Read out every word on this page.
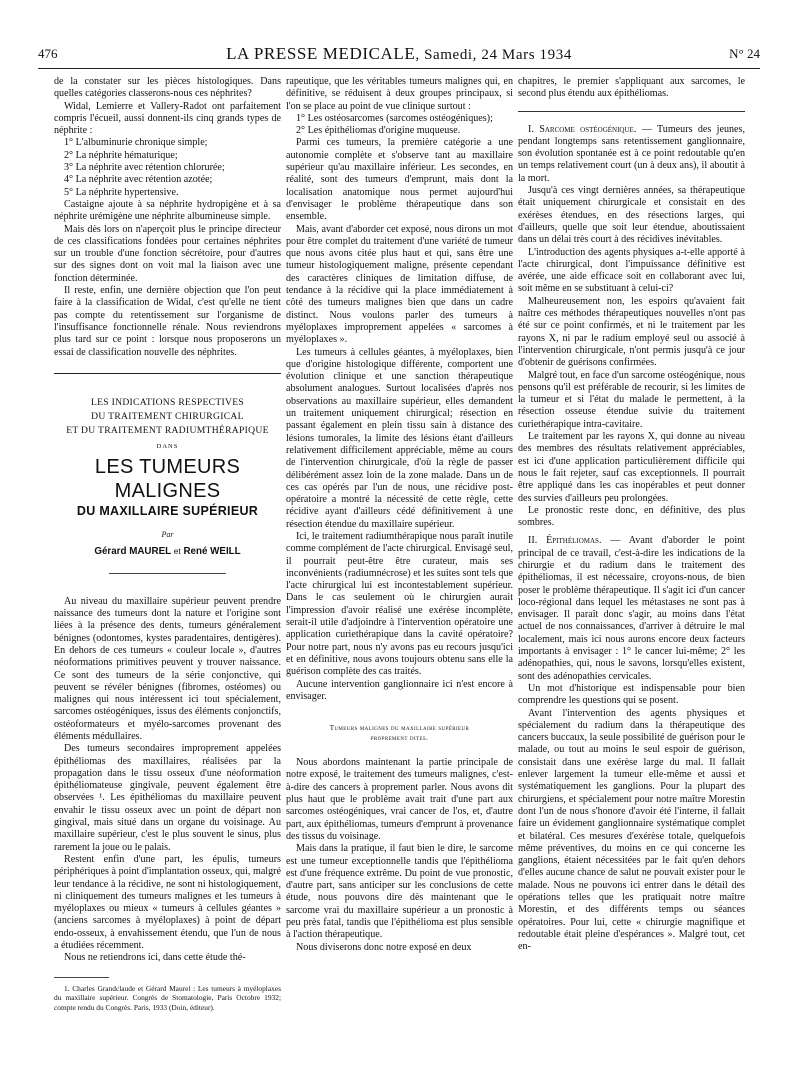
476	LA PRESSE MEDICALE, Samedi, 24 Mars 1934	N° 24

de la constater sur les pièces histologiques. Dans quelles catégories classerons-nous ces néphrites?

Widal, Lemierre et Vallery-Radot ont parfaitement compris l'écueil, aussi donnent-ils cinq grands types de néphrite :

1° L'albuminurie chronique simple;

2° La néphrite hématurique;

3° La néphrite avec rétention chlorurée;

4° La néphrite avec rétention azotée;

5° La néphrite hypertensive.

Castaigne ajoute à sa néphrite hydropigène et à sa néphrite urémigène une néphrite albumineuse simple.

Mais dès lors on n'aperçoit plus le principe directeur de ces classifications fondées pour certaines néphrites sur un trouble d'une fonction sécrétoire, pour d'autres sur des signes dont on voit mal la liaison avec une fonction déterminée.

Il reste, enfin, une dernière objection que l'on peut faire à la classification de Widal, c'est qu'elle ne tient pas compte du retentissement sur l'organisme de l'insuffisance fonctionnelle rénale. Nous reviendrons plus tard sur ce point : lorsque nous proposerons un essai de classification nouvelle des néphrites.

LES INDICATIONS RESPECTIVES
DU TRAITEMENT CHIRURGICAL
ET DU TRAITEMENT RADIUMTHÉRAPIQUE
DANS
LES TUMEURS MALIGNES
DU MAXILLAIRE SUPÉRIEUR
Par
Gérard MAUREL et René WEILL

Au niveau du maxillaire supérieur peuvent prendre naissance des tumeurs dont la nature et l'origine sont liées à la présence des dents, tumeurs généralement bénignes (odontomes, kystes paradentaires, dentigères). En dehors de ces tumeurs « couleur locale », d'autres néoformations primitives peuvent y trouver naissance. Ce sont des tumeurs de la série conjonctive, qui peuvent se révéler bénignes (fibromes, ostéomes) ou malignes qui nous intéressent ici tout spécialement, sarcomes ostéogéniques, issus des éléments conjonctifs, ostéoformateurs et myélo-sarcomes provenant des éléments médullaires.

Des tumeurs secondaires improprement appelées épithéliomas des maxillaires, réalisées par la propagation dans le tissu osseux d'une néoformation épithéliomateuse gingivale, peuvent également être observées ¹. Les épithéliomas du maxillaire peuvent envahir le tissu osseux avec un point de départ non gingival, mais situé dans un organe du voisinage. Au maxillaire supérieur, c'est le plus souvent le sinus, plus rarement la joue ou le palais.

Restent enfin d'une part, les épulis, tumeurs périphériques à point d'implantation osseux, qui, malgré leur tendance à la récidive, ne sont ni histologiquement, ni cliniquement des tumeurs malignes et les tumeurs à myéloplaxes ou mieux « tumeurs à cellules géantes » (anciens sarcomes à myéloplaxes) à point de départ endo-osseux, à envahissement étendu, que l'un de nous a étudiées récemment.

Nous ne retiendrons ici, dans cette étude thé-

1. Charles Grandclaude et Gérard Maurel : Les tumeurs à myéloplaxes du maxillaire supérieur. Congrès de Stomatologie, Paris Octobre 1932; compte rendu du Congrès. Paris, 1933 (Doin, éditeur).

rapeutique, que les véritables tumeurs malignes qui, en définitive, se réduisent à deux groupes principaux, si l'on se place au point de vue clinique surtout :

1° Les ostéosarcomes (sarcomes ostéogéniques);

2° Les épithéliomas d'origine muqueuse.

Parmi ces tumeurs, la première catégorie a une autonomie complète et s'observe tant au maxillaire supérieur qu'au maxillaire inférieur. Les secondes, en réalité, sont des tumeurs d'emprunt, mais dont la localisation anatomique nous permet aujourd'hui d'envisager le problème thérapeutique dans son ensemble.

Mais, avant d'aborder cet exposé, nous dirons un mot pour être complet du traitement d'une variété de tumeur que nous avons citée plus haut et qui, sans être une tumeur histologiquement maligne, présente cependant des caractères cliniques de limitation diffuse, de tendance à la récidive qui la place immédiatement à côté des tumeurs malignes bien que dans un cadre distinct. Nous voulons parler des tumeurs à myéloplaxes improprement appelées « sarcomes à myéloplaxes ».

Les tumeurs à cellules géantes, à myéloplaxes, bien que d'origine histologique différente, comportent une évolution clinique et une sanction thérapeutique absolument analogues. Surtout localisées d'après nos observations au maxillaire supérieur, elles demandent un traitement uniquement chirurgical; résection en passant également en plein tissu sain à distance des lésions tumorales, la limite des lésions étant d'ailleurs relativement difficilement appréciable, même au cours de l'intervention chirurgicale, d'où la règle de passer délibérément assez loin de la zone malade. Dans un de ces cas opérés par l'un de nous, une récidive post-opératoire a montré la nécessité de cette règle, cette récidive ayant d'ailleurs cédé définitivement à une résection étendue du maxillaire supérieur.

Ici, le traitement radiumthérapique nous paraît inutile comme complément de l'acte chirurgical. Envisagé seul, il pourrait peut-être être curateur, mais ses inconvénients (radiumnécrose) et les suites sont tels que l'acte chirurgical lui est incontestablement supérieur. Dans le cas seulement où le chirurgien aurait l'impression d'avoir réalisé une exérèse incomplète, serait-il utile d'adjoindre à l'intervention opératoire une application curiethérapique dans la cavité opératoire? Pour notre part, nous n'y avons pas eu recours jusqu'ici et en définitive, nous avons toujours obtenu sans elle la guérison complète des cas traités.

Aucune intervention ganglionnaire ici n'est encore à envisager.

Tumeurs malignes du maxillaire supérieur
proprement dites.

Nous abordons maintenant la partie principale de notre exposé, le traitement des tumeurs malignes, c'est-à-dire des cancers à proprement parler. Nous avons dit plus haut que le problème avait trait d'une part aux sarcomes ostéogéniques, vrai cancer de l'os, et, d'autre part, aux épithéliomas, tumeurs d'emprunt à provenance des tissus du voisinage.

Mais dans la pratique, il faut bien le dire, le sarcome est une tumeur exceptionnelle tandis que l'épithélioma est d'une fréquence extrême. Du point de vue pronostic, d'autre part, sans anticiper sur les conclusions de cette étude, nous pouvons dire dès maintenant que le sarcome vrai du maxillaire supérieur a un pronostic à peu près fatal, tandis que l'épithélioma est plus sensible à l'action thérapeutique.

Nous diviserons donc notre exposé en deux

chapitres, le premier s'appliquant aux sarcomes, le second plus étendu aux épithéliomas.

I. Sarcome ostéogénique. — Tumeurs des jeunes, pendant longtemps sans retentissement ganglionnaire, son évolution spontanée est à ce point redoutable qu'en un temps relativement court (un à deux ans), il aboutit à la mort.

Jusqu'à ces vingt dernières années, sa thérapeutique était uniquement chirurgicale et consistait en des exérèses étendues, en des résections larges, qui d'ailleurs, quelle que soit leur étendue, aboutissaient dans un délai très court à des récidives inévitables.

L'introduction des agents physiques a-t-elle apporté à l'acte chirurgical, dont l'impuissance définitive est avérée, une aide efficace soit en collaborant avec lui, soit même en se substituant à celui-ci?

Malheureusement non, les espoirs qu'avaient fait naître ces méthodes thérapeutiques nouvelles n'ont pas été sur ce point confirmés, et ni le traitement par les rayons X, ni par le radium employé seul ou associé à l'intervention chirurgicale, n'ont permis jusqu'à ce jour d'obtenir de guérisons confirmées.

Malgré tout, en face d'un sarcome ostéogénique, nous pensons qu'il est préférable de recourir, si les limites de la tumeur et si l'état du malade le permettent, à la résection osseuse étendue suivie du traitement curiethérapique intra-cavitaire.

Le traitement par les rayons X, qui donne au niveau des membres des résultats relativement appréciables, est ici d'une application particulièrement difficile qui nous le fait rejeter, sauf cas exceptionnels. Il pourrait être appliqué dans les cas inopérables et peut donner des survies d'ailleurs peu prolongées.

Le pronostic reste donc, en définitive, des plus sombres.

II. Épithéliomas. — Avant d'aborder le point principal de ce travail, c'est-à-dire les indications de la chirurgie et du radium dans le traitement des épithéliomas, il est nécessaire, croyons-nous, de bien poser le problème thérapeutique. Il s'agit ici d'un cancer loco-régional dans lequel les métastases ne sont pas à envisager. Il paraît donc s'agir, au moins dans l'état actuel de nos connaissances, d'arriver à détruire le mal localement, mais ici nous aurons encore deux facteurs importants à envisager : 1° le cancer lui-même; 2° les adénopathies, qui, nous le savons, lorsqu'elles existent, sont des adénopathies cervicales.

Un mot d'historique est indispensable pour bien comprendre les questions qui se posent.

Avant l'intervention des agents physiques et spécialement du radium dans la thérapeutique des cancers buccaux, la seule possibilité de guérison pour le malade, ou tout au moins le seul espoir de guérison, consistait dans une exérèse large du mal. Il fallait enlever largement la tumeur elle-même et aussi et systématiquement les ganglions. Pour la plupart des chirurgiens, et spécialement pour notre maître Morestin dont l'un de nous s'honore d'avoir été l'interne, il fallait faire un évidement ganglionnaire systématique complet et bilatéral. Ces mesures d'exérèse totale, quelquefois même préventives, du moins en ce qui concerne les ganglions, étaient nécessitées par le fait qu'en dehors d'elles aucune chance de salut ne pouvait exister pour le malade. Nous ne pouvons ici entrer dans le détail des opérations telles que les pratiquait notre maître Morestin, et des différents temps ou séances opératoires. Pour lui, cette « chirurgie magnifique et redoutable était pleine d'espérances ». Malgré tout, cet en-
